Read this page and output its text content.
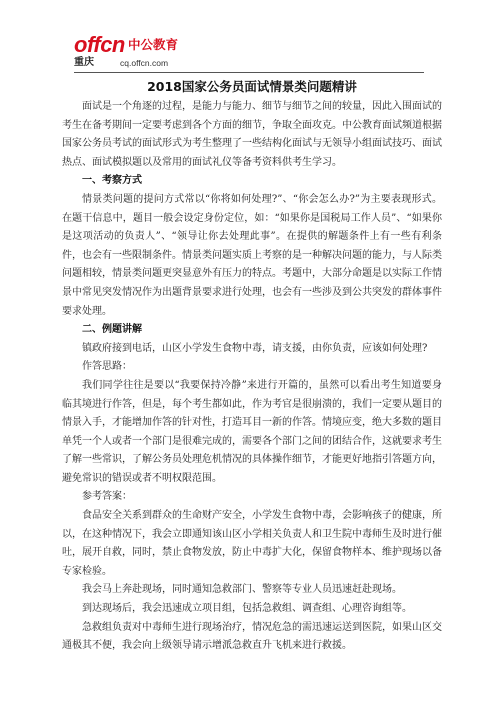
offcn 中公教育
重庆	cq.offcn.com
2018国家公务员面试情景类问题精讲

面试是一个角逐的过程，是能力与能力、细节与细节之间的较量，因此入围面试的考生在备考期间一定要考虑到各个方面的细节，争取全面攻克。中公教育面试频道根据国家公务员考试的面试形式为考生整理了一些结构化面试与无领导小组面试技巧、面试热点、面试模拟题以及常用的面试礼仪等备考资料供考生学习。

一、考察方式

情景类问题的提问方式常以“你将如何处理?”、“你会怎么办?”为主要表现形式。在题干信息中，题目一般会设定身份定位，如：“如果你是国税局工作人员”、“如果你是这项活动的负责人”、“领导让你去处理此事”。在提供的解题条件上有一些有利条件，也会有一些限制条件。情景类问题实质上考察的是一种解决问题的能力，与人际类问题相较，情景类问题更突显意外有压力的特点。考题中，大部分命题是以实际工作情景中常见突发情况作为出题背景要求进行处理，也会有一些涉及到公共突发的群体事件要求处理。

二、例题讲解

镇政府接到电话，山区小学发生食物中毒，请支援，由你负责，应该如何处理?

作答思路：

我们同学往往是要以“我要保持冷静”来进行开篇的，虽然可以看出考生知道要身临其境进行作答，但是，每个考生都如此，作为考官是很崩溃的，我们一定要从题目的情景入手，才能增加作答的针对性，打造耳目一新的作答。情境应变，绝大多数的题目单凭一个人或者一个部门是很难完成的，需要各个部门之间的团结合作，这就要求考生了解一些常识，了解公务员处理危机情况的具体操作细节，才能更好地指引答题方向，避免常识的错误或者不明权限范围。

参考答案：

食品安全关系到群众的生命财产安全，小学发生食物中毒，会影响孩子的健康，所以，在这种情况下，我会立即通知该山区小学相关负责人和卫生院中毒师生及时进行催吐，展开自救，同时，禁止食物发放，防止中毒扩大化，保留食物样本、维护现场以备专家检验。

我会马上奔赴现场，同时通知急救部门、警察等专业人员迅速赶赴现场。

到达现场后，我会迅速成立项目组，包括急救组、调查组、心理咨询组等。

急救组负责对中毒师生进行现场治疗，情况危急的需迅速运送到医院，如果山区交通极其不便，我会向上级领导请示增派急救直升飞机来进行救援。
